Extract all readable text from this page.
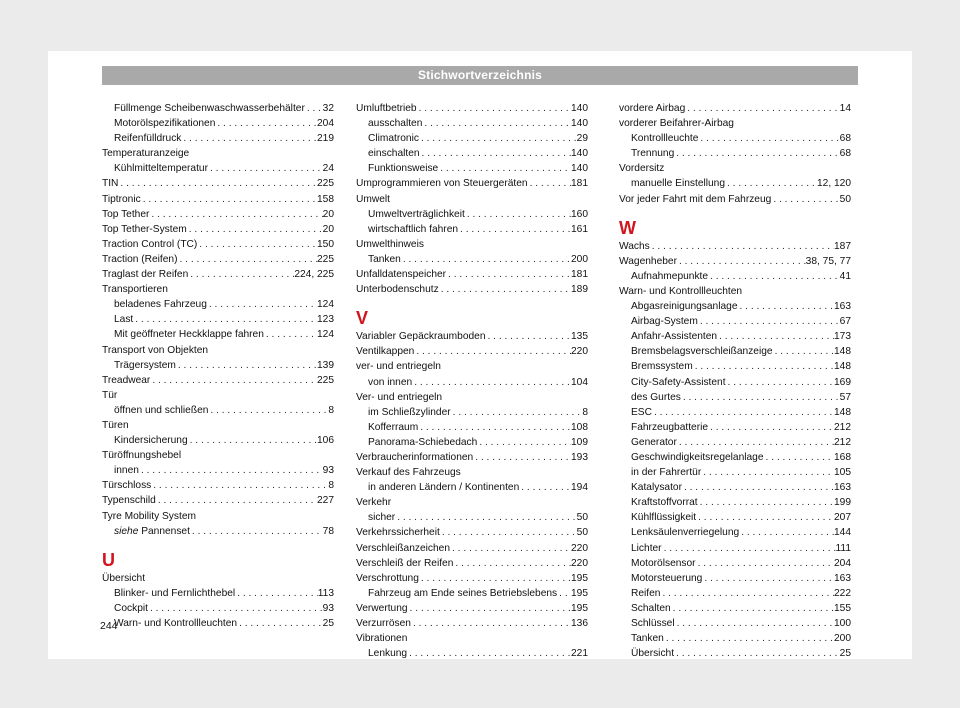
Stichwortverzeichnis
Füllmenge Scheibenwaschwasserbehälter . . . 32
Motorölspezifikationen . . .	204
Reifenfülldruck . . .	219
Temperaturanzeige
Kühlmitteltemperatur . . .	24
TIN . . .	225
Tiptronic . . .	158
Top Tether . . .	20
Top Tether-System . . .	20
Traction Control (TC) . . .	150
Traction (Reifen) . . .	225
Traglast der Reifen . . .	224, 225
Transportieren
beladenes Fahrzeug . . .	124
Last . . .	123
Mit geöffneter Heckklappe fahren . . .	124
Transport von Objekten
Trägersystem . . .	139
Treadwear . . .	225
Tür
öffnen und schließen . . .	8
Türen
Kindersicherung . . .	106
Türöffnungshebel
innen . . .	93
Türschloss . . .	8
Typenschild . . .	227
Tyre Mobility System
siehe Pannenset . . .	78
U
Übersicht
Blinker- und Fernlichthebel . . .	113
Cockpit . . .	93
Warn- und Kontrollleuchten . . .	25
Umluftbetrieb . . .	140
ausschalten . . .	140
Climatronic . . .	29
einschalten . . .	140
Funktionsweise . . .	140
Umprogrammieren von Steuergeräten . . .	181
Umwelt
Umweltverträglichkeit . . .	160
wirtschaftlich fahren . . .	161
Umwelthinweis
Tanken . . .	200
Unfalldatenspeicher . . .	181
Unterbodenschutz . . .	189
V
Variabler Gepäckraumboden . . .	135
Ventilkappen . . .	220
ver- und entriegeln
von innen . . .	104
Ver- und entriegeln
im Schließzylinder . . .	8
Kofferraum . . .	108
Panorama-Schiebedach . . .	109
Verbraucherinformationen . . .	193
Verkauf des Fahrzeugs
in anderen Ländern / Kontinenten . . .	194
Verkehr
sicher . . .	50
Verkehrssicherheit . . .	50
Verschleißanzeichen . . .	220
Verschleiß der Reifen . . .	220
Verschrottung . . .	195
Fahrzeug am Ende seines Betriebslebens . . . 195
Verwertung . . .	195
Verzurrösen . . .	136
Vibrationen
Lenkung . . .	221
vordere Airbag . . .	14
vorderer Beifahrer-Airbag
Kontrollleuchte . . .	68
Trennung . . .	68
Vordersitz
manuelle Einstellung . . .	12, 120
Vor jeder Fahrt mit dem Fahrzeug . . .	50
W
Wachs . . .	187
Wagenheber . . .	38, 75, 77
Aufnahmepunkte . . .	41
Warn- und Kontrollleuchten
Abgasreinigungsanlage . . .	163
Airbag-System . . .	67
Anfahr-Assistenten . . .	173
Bremsbelagsverschleißanzeige . . .	148
Bremssystem . . .	148
City-Safety-Assistent . . .	169
des Gurtes . . .	57
ESC . . .	148
Fahrzeugbatterie . . .	212
Generator . . .	212
Geschwindigkeitsregelanlage . . .	168
in der Fahrertür . . .	105
Katalysator . . .	163
Kraftstoffvorrat . . .	199
Kühlflüssigkeit . . .	207
Lenksäulenverriegelung . . .	144
Lichter . . .	111
Motorölsensor . . .	204
Motorsteuerung . . .	163
Reifen . . .	222
Schalten . . .	155
Schlüssel . . .	100
Tanken . . .	200
Übersicht . . .	25
244
